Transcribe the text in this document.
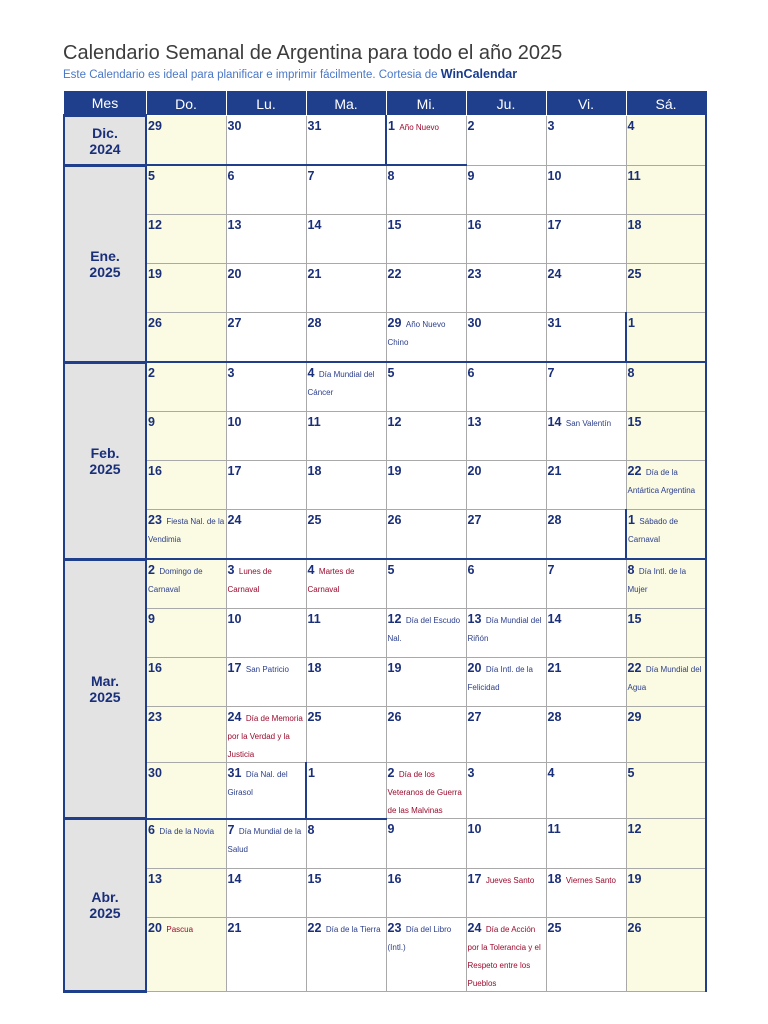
Calendario Semanal de Argentina para todo el año 2025
Este Calendario es ideal para planificar e imprimir fácilmente. Cortesia de WinCalendar
Mes	Do.	Lu.	Ma.	Mi.	Ju.	Vi.	Sá.

Dic.
2024	29	30	31	1 Año Nuevo	2	3	4

Ene.
2025	5	6	7	8	9	10	11
	12	13	14	15	16	17	18
	19	20	21	22	23	24	25
	26	27	28	29 Año Nuevo Chino	30	31	1

Feb.
2025	2	3	4 Día Mundial del Cáncer	5	6	7	8
	9	10	11	12	13	14 San Valentín	15
	16	17	18	19	20	21	22 Día de la Antártica Argentina
	23 Fiesta Nal. de la Vendimia	24	25	26	27	28	1 Sábado de Carnaval

Mar.
2025	2 Domingo de Carnaval	3 Lunes de Carnaval	4 Martes de Carnaval	5	6	7	8 Día Intl. de la Mujer
	9	10	11	12 Día del Escudo Nal.	13 Día Mundial del Riñón	14	15
	16	17 San Patricio	18	19	20 Día Intl. de la Felicidad	21	22 Día Mundial del Agua
	23	24 Día de Memoria por la Verdad y la Justicia	25	26	27	28	29
	30	31 Día Nal. del Girasol	1	2 Día de los Veteranos de Guerra de las Malvinas	3	4	5

Abr.
2025	6 Día de la Novia	7 Día Mundial de la Salud	8	9	10	11	12
	13	14	15	16	17 Jueves Santo	18 Viernes Santo	19
	20 Pascua	21	22 Día de la Tierra	23 Día del Libro (Intl.)	24 Día de Acción por la Tolerancia y el Respeto entre los Pueblos	25	26
